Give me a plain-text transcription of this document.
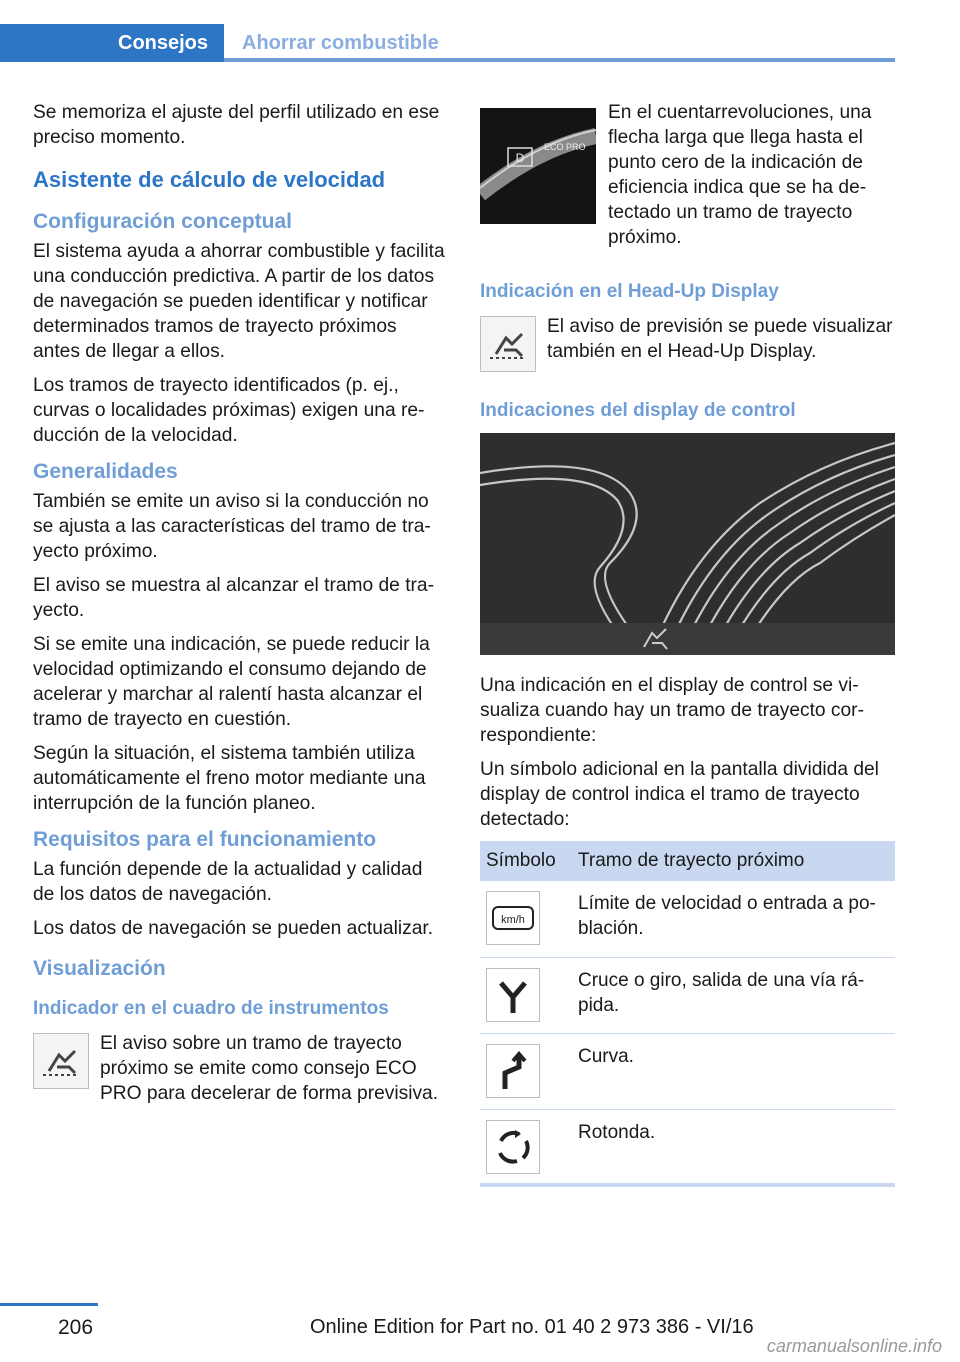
Consejos	Ahorrar combustible

Se memoriza el ajuste del perfil utilizado en ese preciso momento.

Asistente de cálculo de velocidad
Configuración conceptual

El sistema ayuda a ahorrar combustible y facilita una conducción predictiva. A partir de los datos de navegación se pueden identificar y notificar determinados tramos de trayecto próximos antes de llegar a ellos.

Los tramos de trayecto identificados (p. ej., curvas o localidades próximas) exigen una reducción de la velocidad.

Generalidades

También se emite un aviso si la conducción no se ajusta a las características del tramo de trayecto próximo.

El aviso se muestra al alcanzar el tramo de trayecto.

Si se emite una indicación, se puede reducir la velocidad optimizando el consumo dejando de acelerar y marchar al ralentí hasta alcanzar el tramo de trayecto en cuestión.

Según la situación, el sistema también utiliza automáticamente el freno motor mediante una interrupción de la función planeo.

Requisitos para el funcionamiento

La función depende de la actualidad y calidad de los datos de navegación.

Los datos de navegación se pueden actualizar.

Visualización
Indicador en el cuadro de instrumentos

El aviso sobre un tramo de trayecto próximo se emite como consejo ECO PRO para decelerar de forma previsiva.

D
ECO PRO

En el cuentarrevoluciones, una flecha larga que llega hasta el punto cero de la indicación de eficiencia indica que se ha detectado un tramo de trayecto próximo.

Indicación en el Head-Up Display

El aviso de previsión se puede visualizar también en el Head-Up Display.

Indicaciones del display de control

Una indicación en el display de control se visualiza cuando hay un tramo de trayecto correspondiente:

Un símbolo adicional en la pantalla dividida del display de control indica el tramo de trayecto detectado:

Símbolo	Tramo de trayecto próximo

km/h	Límite de velocidad o entrada a población.

	Cruce o giro, salida de una vía rápida.

	Curva.

	Rotonda.
206	Online Edition for Part no. 01 40 2 973 386 - VI/16
carmanualsonline.info
